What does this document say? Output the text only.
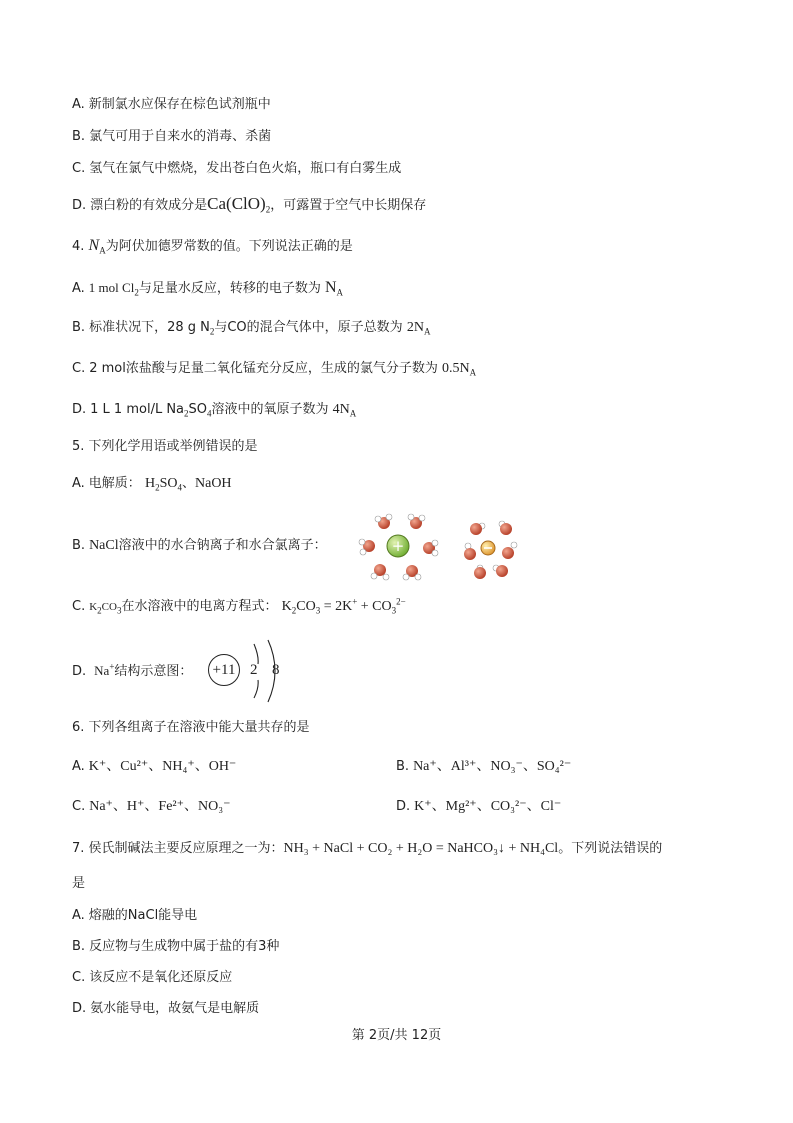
A. 新制氯水应保存在棕色试剂瓶中
B. 氯气可用于自来水的消毒、杀菌
C. 氢气在氯气中燃烧，发出苍白色火焰，瓶口有白雾生成
D. 漂白粉的有效成分是$Ca(ClO)_2$，可露置于空气中长期保存
4. $N_A$为阿伏加德罗常数的值。下列说法正确的是
A. 1 mol $Cl_2$与足量水反应，转移的电子数为 $N_A$
B. 标准状况下，28 g $N_2$与CO的混合气体中，原子总数为 $2N_A$
C. 2 mol浓盐酸与足量二氧化锰充分反应，生成的氯气分子数为 $0.5N_A$
D. 1 L 1 mol/L $Na_2SO_4$溶液中的氧原子数为 $4N_A$
5. 下列化学用语或举例错误的是
A. 电解质： $H_2SO_4$、NaOH
B. NaCl溶液中的水合钠离子和水合氯离子：	+
C. $K_2CO_3$在水溶液中的电离方程式： $K_2CO_3 = 2K^+ + CO_3^{2-}$
D. Na+结构示意图：	+11 2 8
6. 下列各组离子在溶液中能大量共存的是
A. K⁺、Cu²⁺、NH₄⁺、OH⁻	B. Na⁺、Al³⁺、NO₃⁻、SO₄²⁻
C. Na⁺、H⁺、Fe²⁺、NO₃⁻	D. K⁺、Mg²⁺、CO₃²⁻、Cl⁻
7. 侯氏制碱法主要反应原理之一为：NH₃ + NaCl + CO₂ + H₂O = NaHCO₃↓ + NH₄Cl。下列说法错误的
是
A. 熔融的NaCl能导电
B. 反应物与生成物中属于盐的有3种
C. 该反应不是氧化还原反应
D. 氨水能导电，故氨气是电解质
第 2页/共 12页
